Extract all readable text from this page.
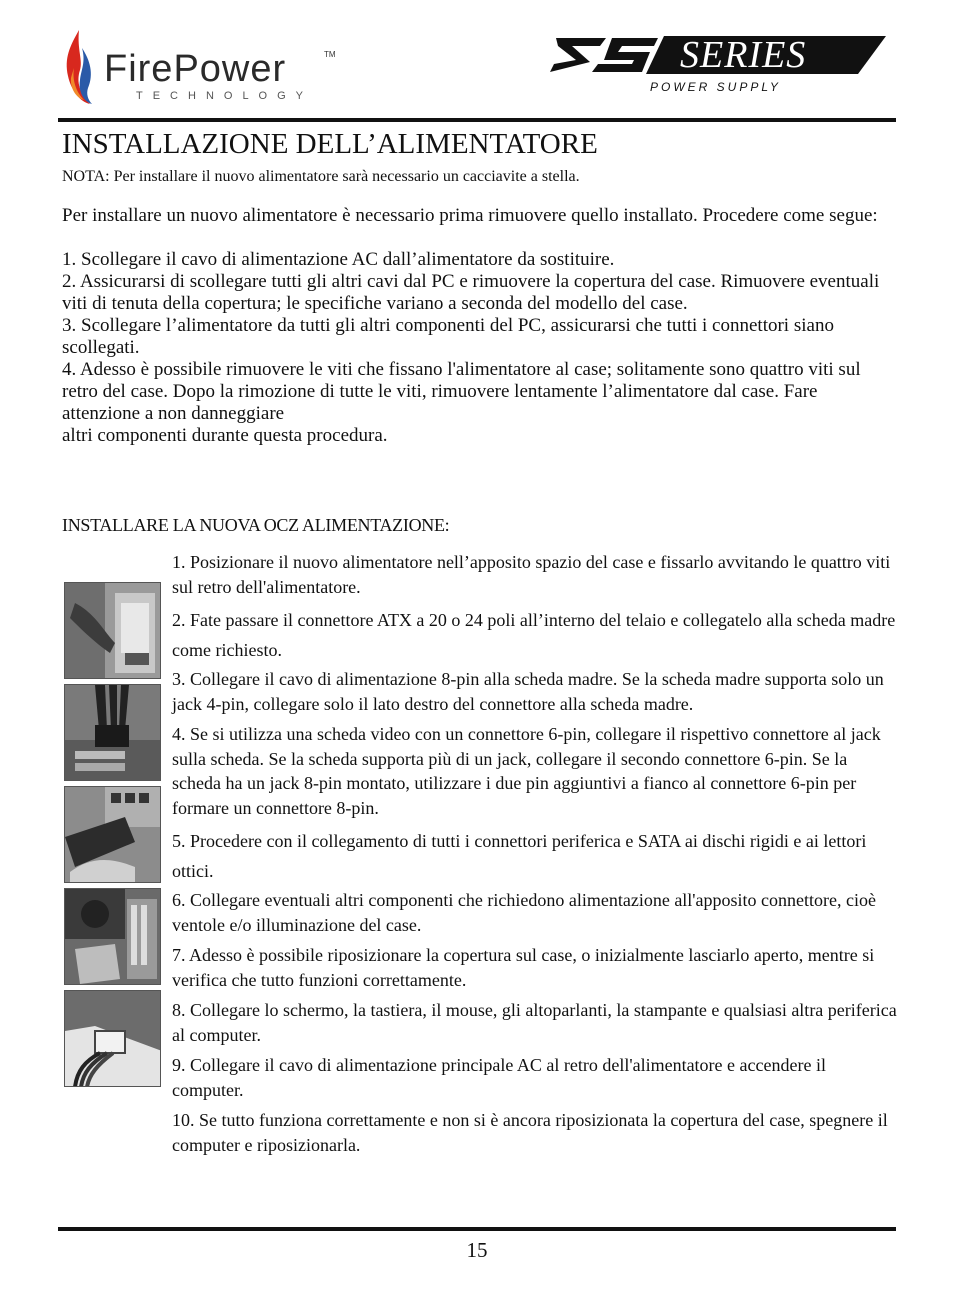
FirePower	TM
TECHNOLOGY
SERIES
POWER SUPPLY
INSTALLAZIONE DELL’ALIMENTATORE
NOTA: Per installare il nuovo alimentatore sarà necessario un cacciavite a stella.

Per installare un nuovo alimentatore è necessario prima rimuovere quello installato. Procedere come segue:

1. Scollegare il cavo di alimentazione AC dall’alimentatore da sostituire.

2. Assicurarsi di scollegare tutti gli altri cavi dal PC e rimuovere la copertura del case. Rimuovere eventuali viti di tenuta della copertura; le specifiche variano a seconda del modello del case.

3. Scollegare l’alimentatore da tutti gli altri componenti del PC, assicurarsi che tutti i connettori siano scollegati.

4. Adesso è possibile rimuovere le viti che fissano l'alimentatore al case; solitamente sono quattro viti sul retro del case. Dopo la rimozione di tutte le viti, rimuovere lentamente l’alimentatore dal case. Fare attenzione a non danneggiare

altri componenti durante questa procedura.

INSTALLARE LA NUOVA OCZ ALIMENTAZIONE:

1. Posizionare il nuovo alimentatore nell’apposito spazio del case e fissarlo avvitando le quattro viti sul retro dell'alimentatore.

2. Fate passare il connettore ATX a 20 o 24 poli all’interno del telaio e collegatelo alla scheda madre come richiesto.

3. Collegare il cavo di alimentazione 8-pin alla scheda madre. Se la scheda madre supporta solo un jack 4-pin, collegare solo il lato destro del connettore alla scheda madre.

4. Se si utilizza una scheda video con un connettore 6-pin, collegare il rispettivo connettore al jack sulla scheda. Se la scheda supporta più di un jack, collegare il secondo connettore 6-pin. Se la scheda ha un jack 8-pin montato, utilizzare i due pin aggiuntivi a fianco al connettore 6-pin per formare un connettore 8-pin.

5. Procedere con il collegamento di tutti i connettori periferica e SATA ai dischi rigidi e ai lettori ottici.

6. Collegare eventuali altri componenti che richiedono alimentazione all'apposito connettore, cioè ventole e/o illuminazione del case.

7. Adesso è possibile riposizionare la copertura sul case, o inizialmente lasciarlo aperto, mentre si verifica che tutto funzioni correttamente.

8. Collegare lo schermo, la tastiera, il mouse, gli altoparlanti, la stampante e qualsiasi altra periferica al computer.

9. Collegare il cavo di alimentazione principale AC al retro dell'alimentatore e accendere il computer.

10. Se tutto funziona correttamente e non si è ancora riposizionata la copertura del case, spegnere il computer e riposizionarla.

15
